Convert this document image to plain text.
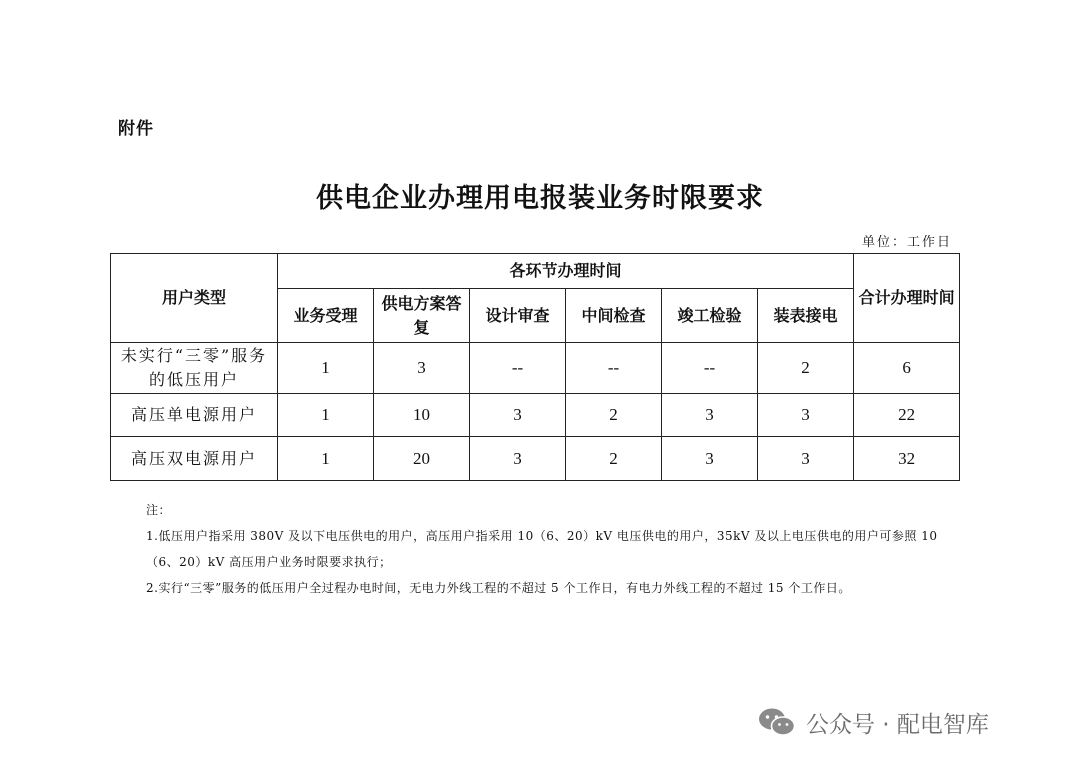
附件
供电企业办理用电报装业务时限要求
单位：工作日
用户类型	各环节办理时间						合计办理时间
	业务受理	供电方案答复	设计审查	中间检查	竣工检验	装表接电	
未实行“三零”服务的低压用户	1	3	--	--	--	2	6
高压单电源用户	1	10	3	2	3	3	22
高压双电源用户	1	20	3	2	3	3	32
注：
1.低压用户指采用 380V 及以下电压供电的用户，高压用户指采用 10（6、20）kV 电压供电的用户，35kV 及以上电压供电的用户可参照 10（6、20）kV 高压用户业务时限要求执行；
2.实行“三零”服务的低压用户全过程办电时间，无电力外线工程的不超过 5 个工作日，有电力外线工程的不超过 15 个工作日。
公众号 · 配电智库
